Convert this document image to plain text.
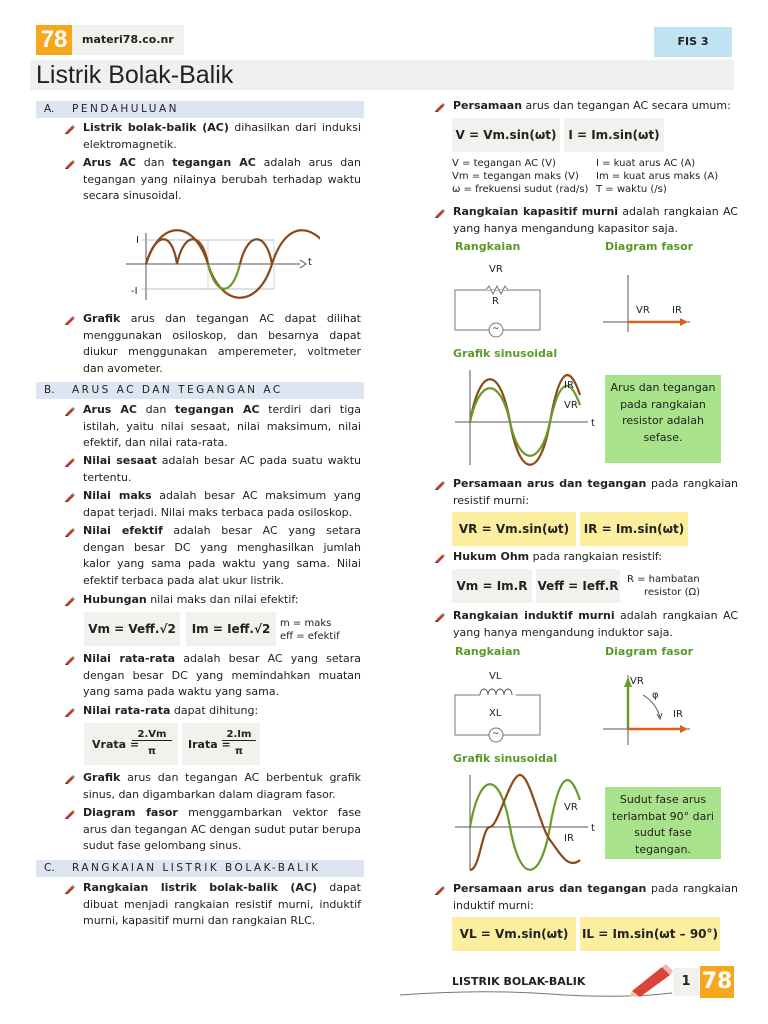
78	materi78.co.nr	FIS 3
Listrik Bolak-Balik
A. PENDAHULUAN
Listrik bolak-balik (AC) dihasilkan dari induksi elektromagnetik.
Arus AC dan tegangan AC adalah arus dan tegangan yang nilainya berubah terhadap waktu secara sinusoidal.
I
-I
t
Grafik arus dan tegangan AC dapat dilihat menggunakan osiloskop, dan besarnya dapat diukur menggunakan amperemeter, voltmeter dan avometer.
B. ARUS AC DAN TEGANGAN AC
Arus AC dan tegangan AC terdiri dari tiga istilah, yaitu nilai sesaat, nilai maksimum, nilai efektif, dan nilai rata-rata.
Nilai sesaat adalah besar AC pada suatu waktu tertentu.
Nilai maks adalah besar AC maksimum yang dapat terjadi. Nilai maks terbaca pada osiloskop.
Nilai efektif adalah besar AC yang setara dengan besar DC yang menghasilkan jumlah kalor yang sama pada waktu yang sama. Nilai efektif terbaca pada alat ukur listrik.
Hubungan nilai maks dan nilai efektif:
Vm = Veff.√2	Im = Ieff.√2 m = maks
eff = efektif
Nilai rata-rata adalah besar AC yang setara dengan besar DC yang memindahkan muatan yang sama pada waktu yang sama.
Nilai rata-rata dapat dihitung:
Vrata =
2.Vm
π
Irata =
2.Im
π
Grafik arus dan tegangan AC berbentuk grafik sinus, dan digambarkan dalam diagram fasor.
Diagram fasor menggambarkan vektor fase arus dan tegangan AC dengan sudut putar berupa sudut fase gelombang sinus.
C. RANGKAIAN LISTRIK BOLAK-BALIK
Rangkaian listrik bolak-balik (AC) dapat dibuat menjadi rangkaian resistif murni, induktif murni, kapasitif murni dan rangkaian RLC.
Persamaan arus dan tegangan AC secara umum:
V = Vm.sin(ωt) I = Im.sin(ωt)
V = tegangan AC (V)	I = kuat arus AC (A)
Vm = tegangan maks (V) Im = kuat arus maks (A)
ω = frekuensi sudut (rad/s) T = waktu (/s)
Rangkaian kapasitif murni adalah rangkaian AC yang hanya mengandung kapasitor saja.
Rangkaian	Diagram fasor
VR
R
~
VR IR
Grafik sinusoidal
IR
VR
t
Arus dan tegangan pada rangkaian resistor adalah sefase.
Persamaan arus dan tegangan pada rangkaian resistif murni:
VR = Vm.sin(ωt)	IR = Im.sin(ωt)
Hukum Ohm pada rangkaian resistif:
Vm = Im.R Veff = Ieff.R R = hambatan
resistor (Ω)
Rangkaian induktif murni adalah rangkaian AC yang hanya mengandung induktor saja.
Rangkaian	Diagram fasor
VL
XL
~
VR
φ
IR
Grafik sinusoidal
VR
IR
t
Sudut fase arus terlambat 90° dari sudut fase tegangan.
Persamaan arus dan tegangan pada rangkaian induktif murni:
VL = Vm.sin(ωt)	IL = Im.sin(ωt – 90°)
LISTRIK BOLAK-BALIK	1 78
